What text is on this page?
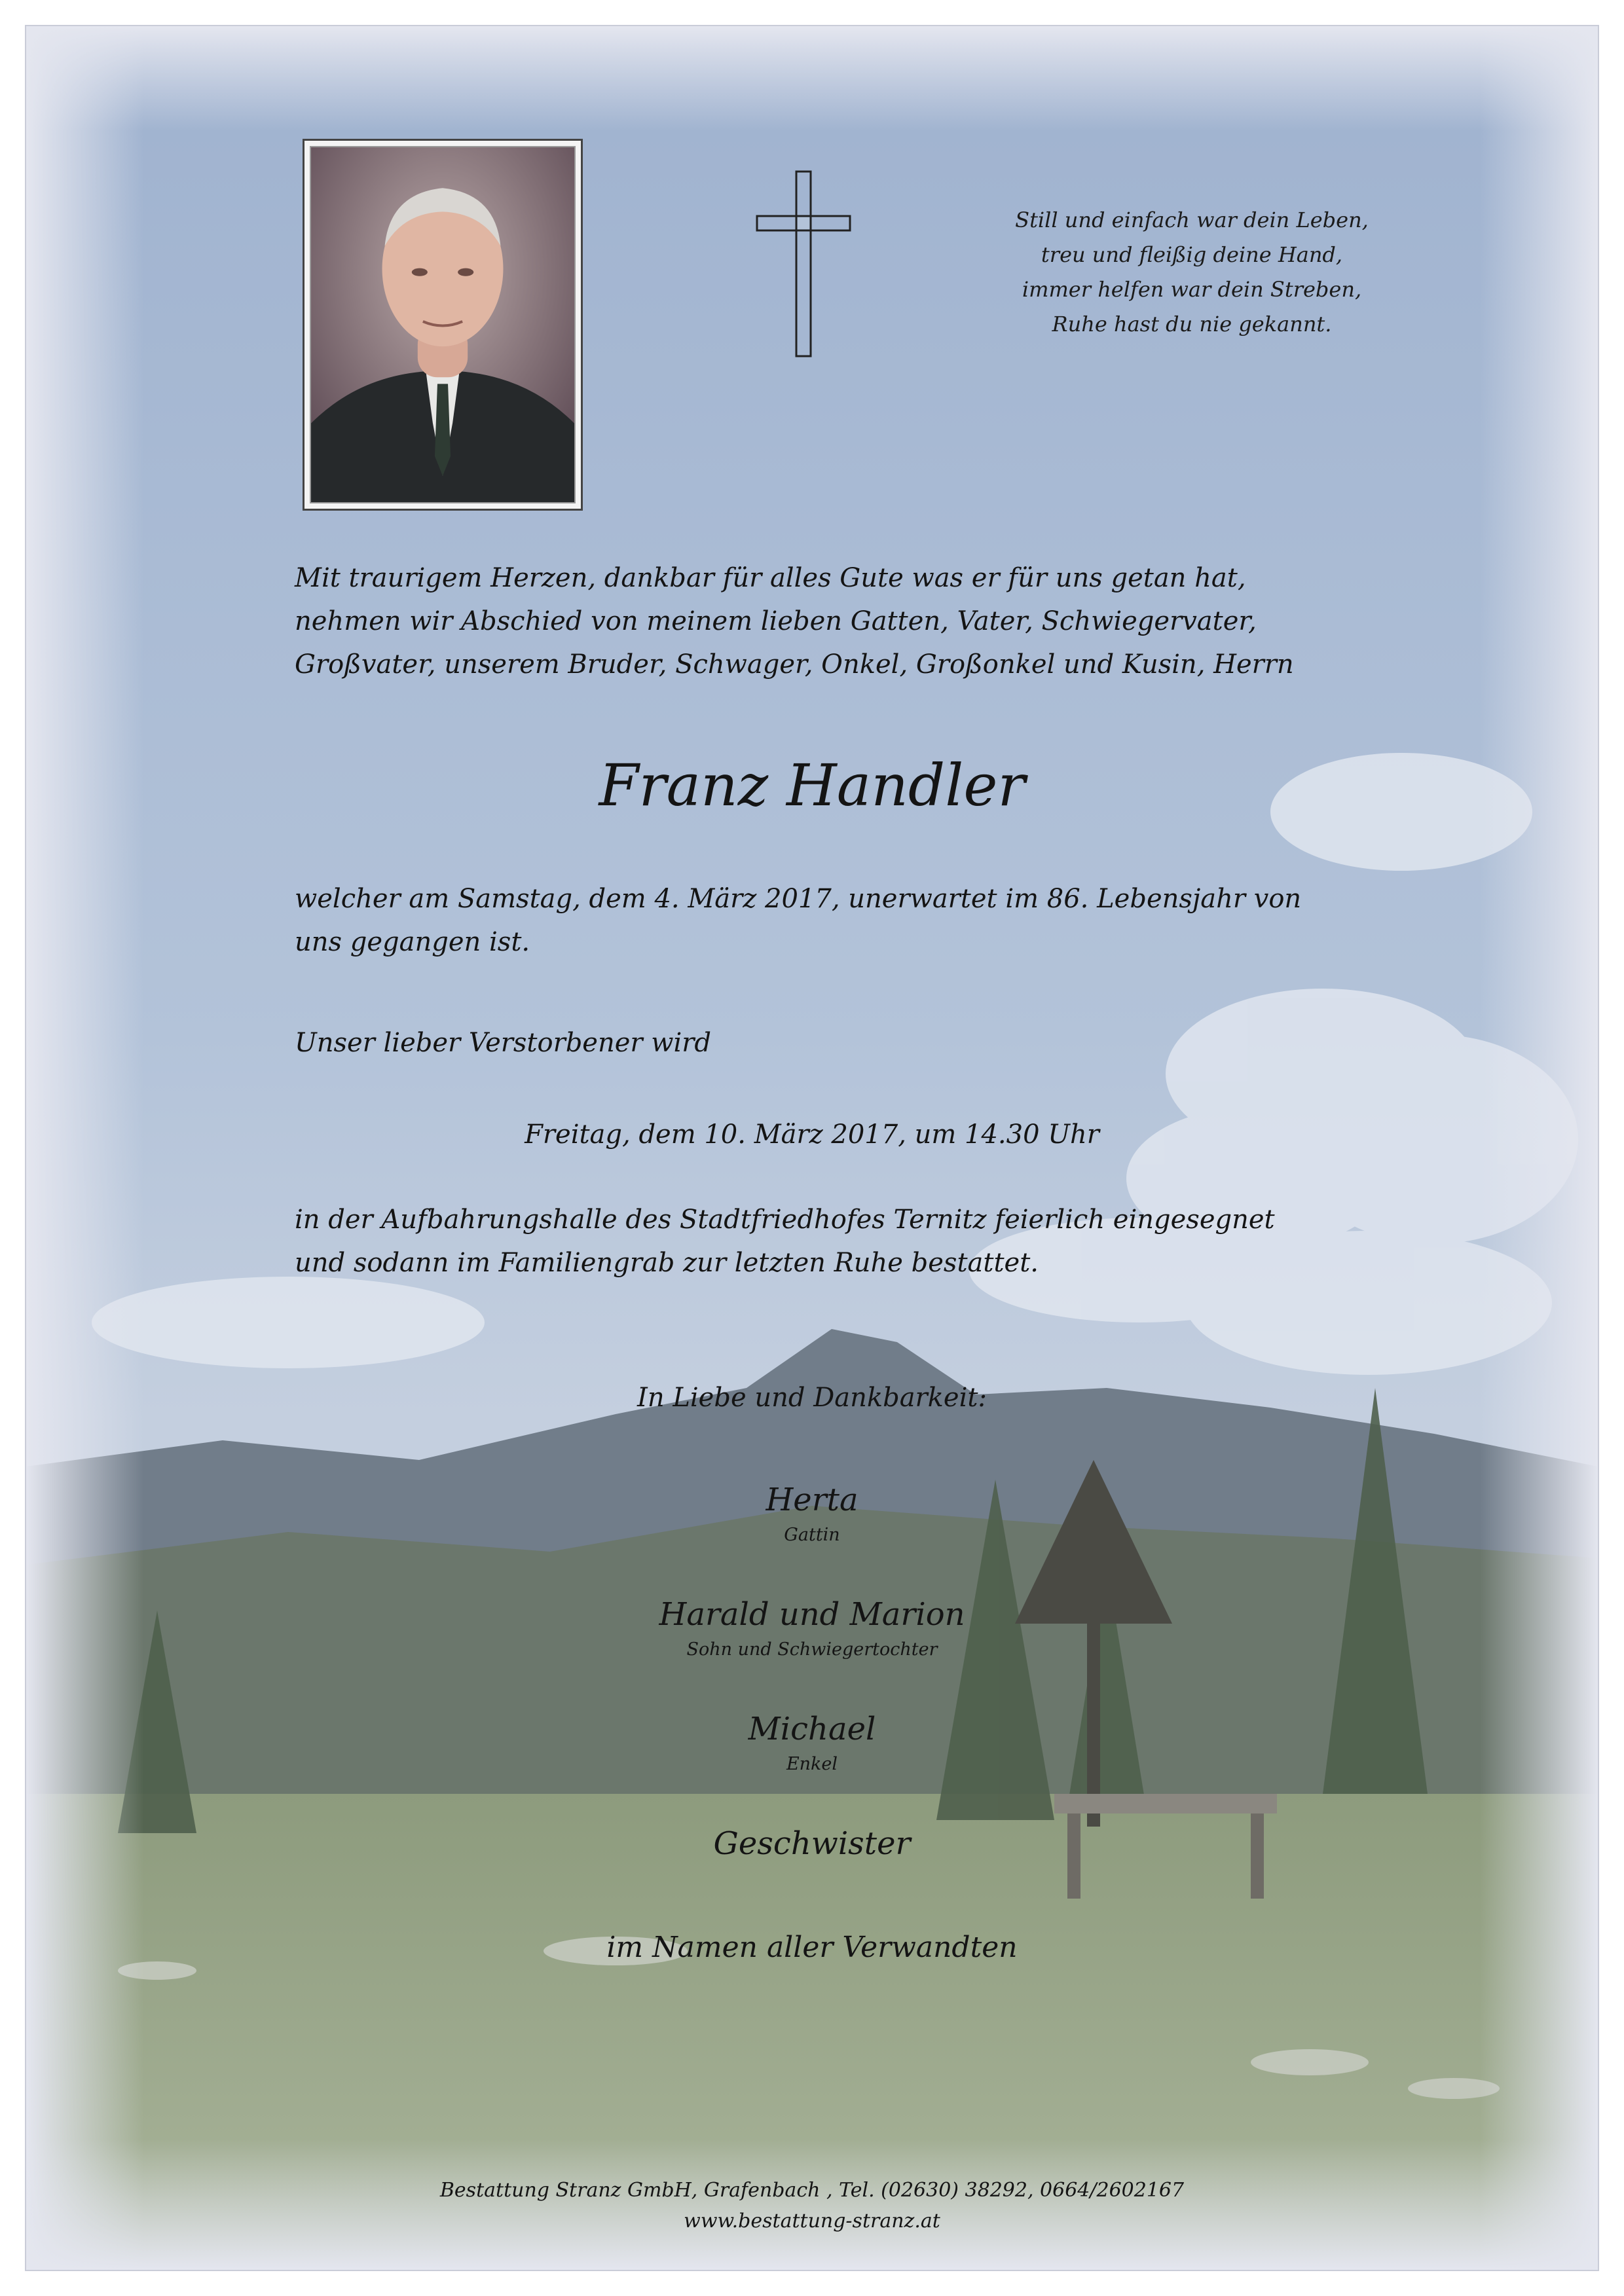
Still und einfach war dein Leben,
treu und fleißig deine Hand,
immer helfen war dein Streben,
Ruhe hast du nie gekannt.
Mit traurigem Herzen, dankbar für alles Gute was er für uns getan hat,
nehmen wir Abschied von meinem lieben Gatten, Vater, Schwiegervater,
Großvater, unserem Bruder, Schwager, Onkel, Großonkel und Kusin, Herrn
Franz Handler
welcher am Samstag, dem 4. März 2017, unerwartet im 86. Lebensjahr von
uns gegangen ist.
Unser lieber Verstorbener wird
Freitag, dem 10. März 2017, um 14.30 Uhr
in der Aufbahrungshalle des Stadtfriedhofes Ternitz feierlich eingesegnet
und sodann im Familiengrab zur letzten Ruhe bestattet.
In Liebe und Dankbarkeit:
Herta
Gattin
Harald und Marion
Sohn und Schwiegertochter
Michael
Enkel
Geschwister
im Namen aller Verwandten
Bestattung Stranz GmbH, Grafenbach , Tel. (02630) 38292, 0664/2602167
www.bestattung-stranz.at
